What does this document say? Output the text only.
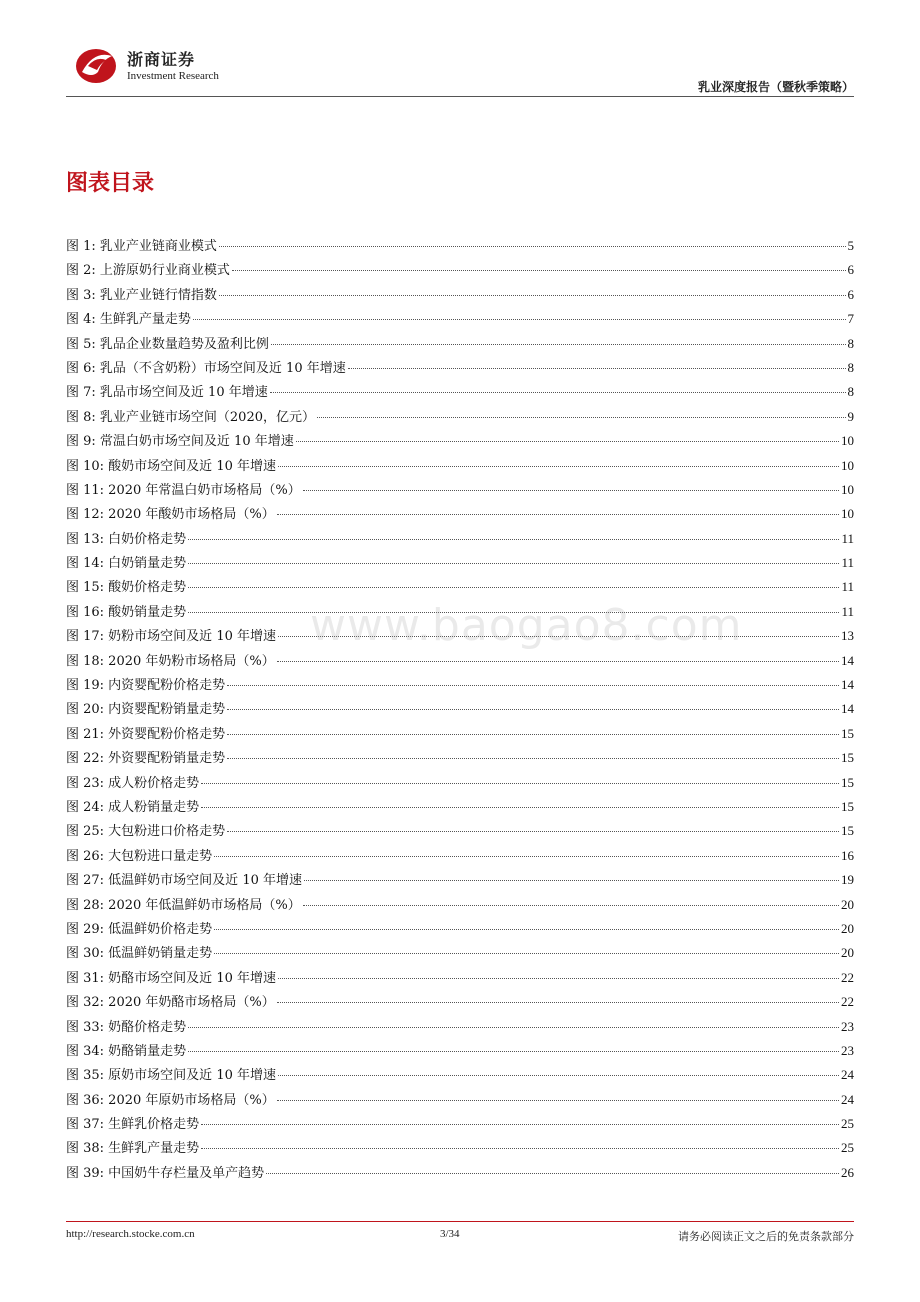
浙商证券
Investment Research
乳业深度报告（暨秋季策略）
图表目录
图 1: 乳业产业链商业模式	5
图 2: 上游原奶行业商业模式	6
图 3: 乳业产业链行情指数	6
图 4: 生鲜乳产量走势	7
图 5: 乳品企业数量趋势及盈利比例	8
图 6: 乳品（不含奶粉）市场空间及近 10 年增速	8
图 7: 乳品市场空间及近 10 年增速	8
图 8: 乳业产业链市场空间（2020，亿元）	9
图 9: 常温白奶市场空间及近 10 年增速	10
图 10: 酸奶市场空间及近 10 年增速	10
图 11: 2020 年常温白奶市场格局（%）	10
图 12: 2020 年酸奶市场格局（%）	10
图 13: 白奶价格走势	11
图 14: 白奶销量走势	11
图 15: 酸奶价格走势	11
图 16: 酸奶销量走势	11
图 17: 奶粉市场空间及近 10 年增速	13
图 18: 2020 年奶粉市场格局（%）	14
图 19: 内资婴配粉价格走势	14
图 20: 内资婴配粉销量走势	14
图 21: 外资婴配粉价格走势	15
图 22: 外资婴配粉销量走势	15
图 23: 成人粉价格走势	15
图 24: 成人粉销量走势	15
图 25: 大包粉进口价格走势	15
图 26: 大包粉进口量走势	16
图 27: 低温鲜奶市场空间及近 10 年增速	19
图 28: 2020 年低温鲜奶市场格局（%）	20
图 29: 低温鲜奶价格走势	20
图 30: 低温鲜奶销量走势	20
图 31: 奶酪市场空间及近 10 年增速	22
图 32: 2020 年奶酪市场格局（%）	22
图 33: 奶酪价格走势	23
图 34: 奶酪销量走势	23
图 35: 原奶市场空间及近 10 年增速	24
图 36: 2020 年原奶市场格局（%）	24
图 37: 生鲜乳价格走势	25
图 38: 生鲜乳产量走势	25
图 39: 中国奶牛存栏量及单产趋势	26
www.baogao8.com
http://research.stocke.com.cn	3/34	请务必阅读正文之后的免责条款部分
